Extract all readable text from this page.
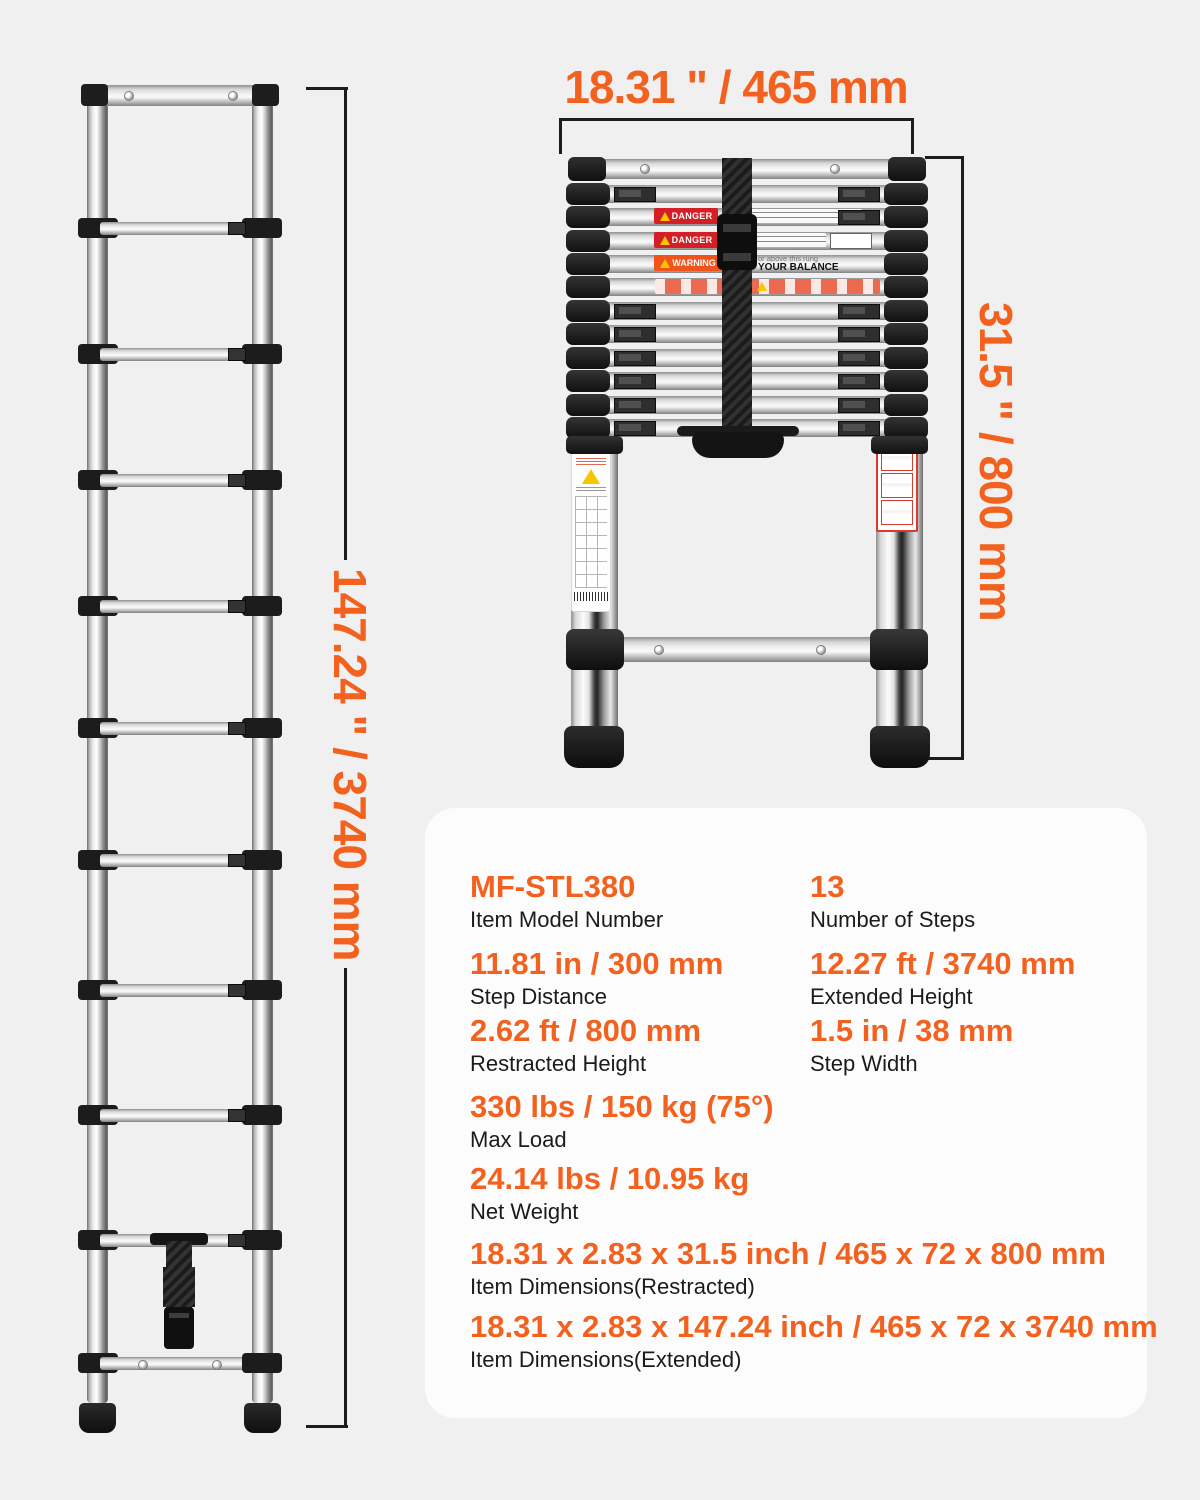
147.24 " / 3740 mm
18.31 " / 465 mm
31.5 " / 800 mm
DANGER
DANGER
WARNING	or above this rung
YOUR BALANCE
MF-STL380
Item Model Number
13
Number of Steps
11.81 in / 300 mm
Step Distance
12.27 ft / 3740 mm
Extended Height
2.62 ft / 800 mm
Restracted Height
1.5 in / 38 mm
Step Width
330 lbs / 150 kg (75°)
Max Load
24.14 lbs / 10.95 kg
Net Weight
18.31 x 2.83 x 31.5 inch / 465 x 72 x 800 mm
Item Dimensions(Restracted)
18.31 x 2.83 x 147.24 inch / 465 x 72 x 3740 mm
Item Dimensions(Extended)
